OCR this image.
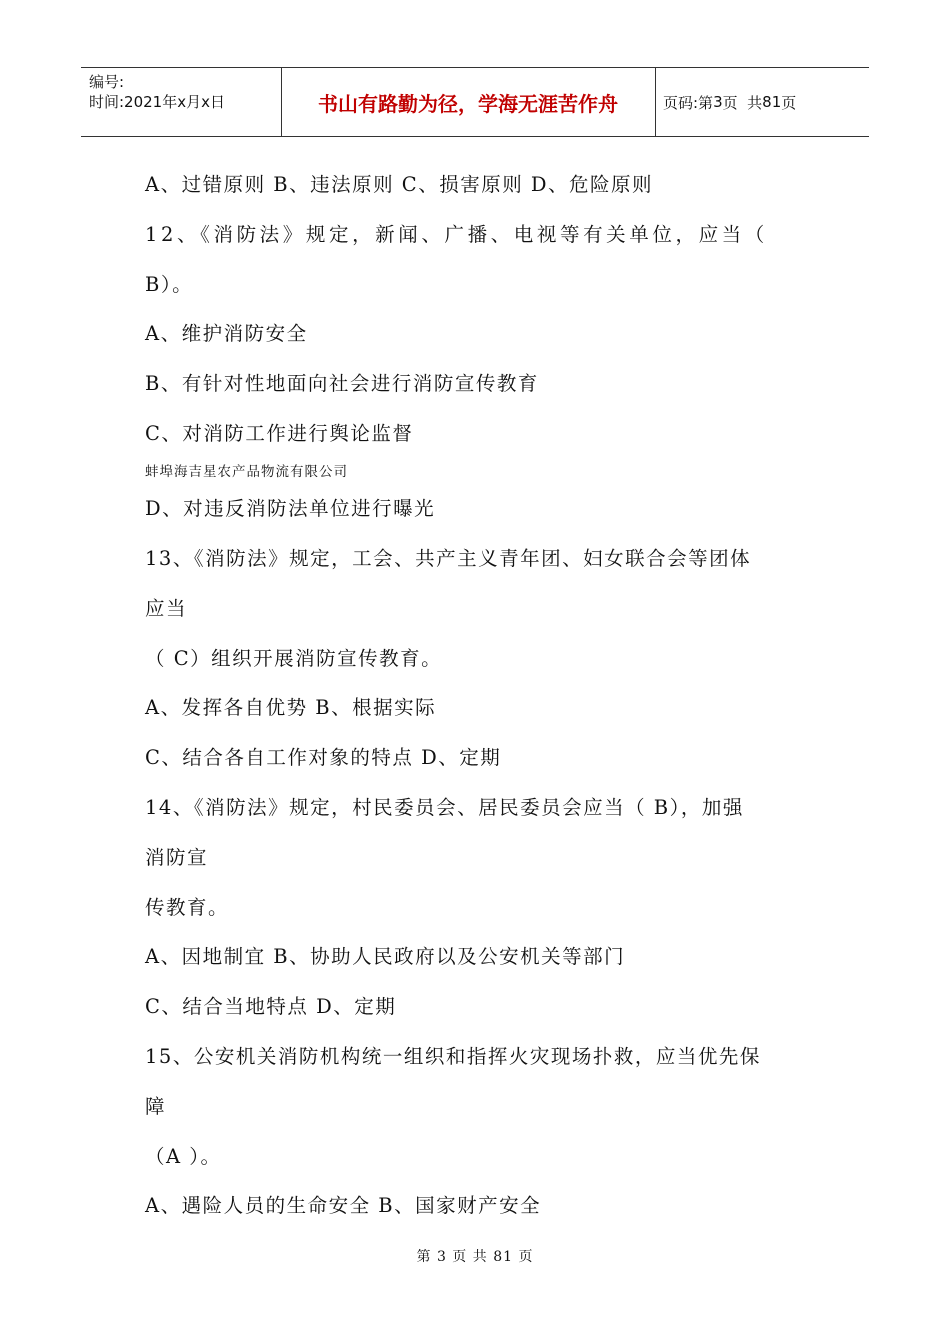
编号:
时间:2021年x月x日	书山有路勤为径，学海无涯苦作舟	页码:第 3 页  共 81 页
A、过错原则 B、违法原则 C、损害原则 D、危险原则
12、《消防法》规定，新闻、广播、电视等有关单位，应当（
B）。
A、维护消防安全
B、有针对性地面向社会进行消防宣传教育
C、对消防工作进行舆论监督
蚌埠海吉星农产品物流有限公司
D、对违反消防法单位进行曝光
13、《消防法》规定，工会、共产主义青年团、妇女联合会等团体
应当
（ C）组织开展消防宣传教育。
A、发挥各自优势 B、根据实际
C、结合各自工作对象的特点 D、定期
14、《消防法》规定，村民委员会、居民委员会应当（ B），加强
消防宣
传教育。
A、因地制宜 B、协助人民政府以及公安机关等部门
C、结合当地特点 D、定期
15、公安机关消防机构统一组织和指挥火灾现场扑救，应当优先保
障
（A ）。
A、遇险人员的生命安全 B、国家财产安全
第 3 页 共 81 页
